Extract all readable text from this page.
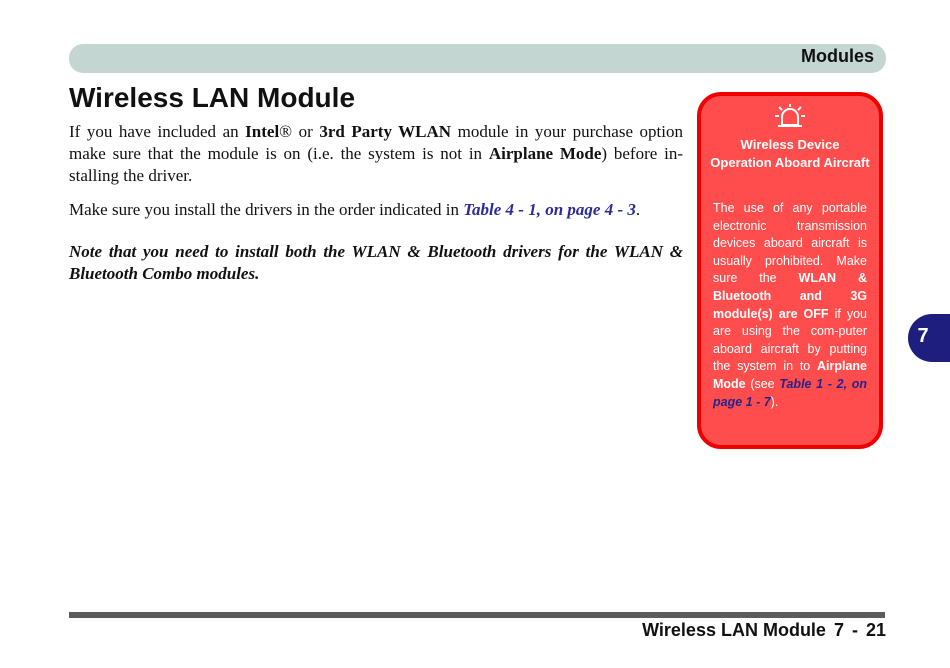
Modules
Wireless LAN Module

If you have included an Intel® or 3rd Party WLAN module in your purchase option make sure that the module is on (i.e. the system is not in Airplane Mode) before in-stalling the driver.

Make sure you install the drivers in the order indicated in Table 4 - 1, on page 4 - 3.

Note that you need to install both the WLAN & Bluetooth drivers for the WLAN & Bluetooth Combo modules.

Wireless Device Operation Aboard Aircraft

The use of any portable electronic transmission devices aboard aircraft is usually prohibited. Make sure the WLAN & Bluetooth and 3G module(s) are OFF if you are using the com-puter aboard aircraft by putting the system in to Airplane Mode (see Table 1 - 2, on page 1 - 7).

7
Wireless LAN Module 7 - 21
